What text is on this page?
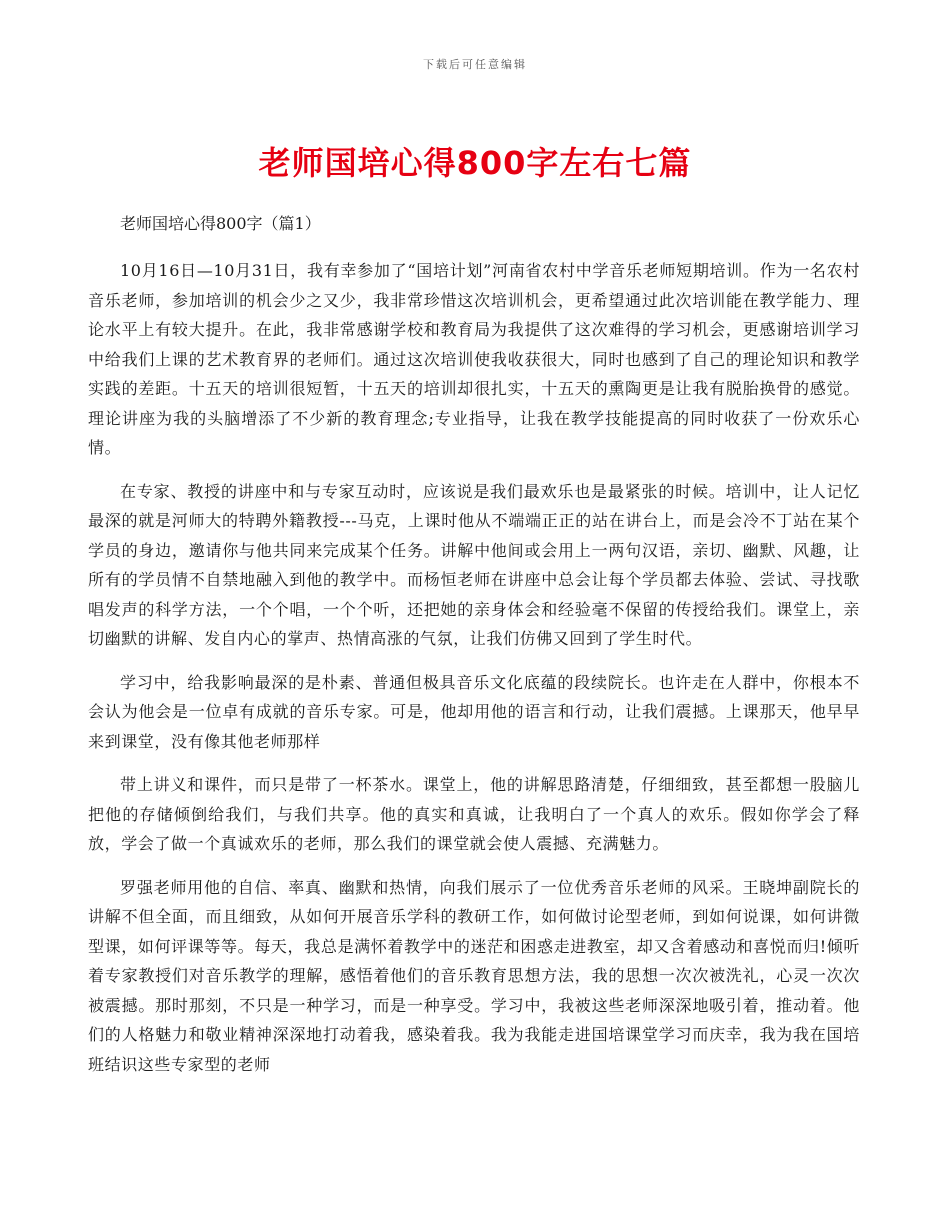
下载后可任意编辑
老师国培心得800字左右七篇

老师国培心得800字（篇1）

10月16日—10月31日，我有幸参加了“国培计划”河南省农村中学音乐老师短期培训。作为一名农村音乐老师，参加培训的机会少之又少，我非常珍惜这次培训机会，更希望通过此次培训能在教学能力、理论水平上有较大提升。在此，我非常感谢学校和教育局为我提供了这次难得的学习机会，更感谢培训学习中给我们上课的艺术教育界的老师们。通过这次培训使我收获很大，同时也感到了自己的理论知识和教学实践的差距。十五天的培训很短暂，十五天的培训却很扎实，十五天的熏陶更是让我有脱胎换骨的感觉。理论讲座为我的头脑增添了不少新的教育理念;专业指导，让我在教学技能提高的同时收获了一份欢乐心情。

在专家、教授的讲座中和与专家互动时，应该说是我们最欢乐也是最紧张的时候。培训中，让人记忆最深的就是河师大的特聘外籍教授---马克，上课时他从不端端正正的站在讲台上，而是会冷不丁站在某个学员的身边，邀请你与他共同来完成某个任务。讲解中他间或会用上一两句汉语，亲切、幽默、风趣，让所有的学员情不自禁地融入到他的教学中。而杨恒老师在讲座中总会让每个学员都去体验、尝试、寻找歌唱发声的科学方法，一个个唱，一个个听，还把她的亲身体会和经验毫不保留的传授给我们。课堂上，亲切幽默的讲解、发自内心的掌声、热情高涨的气氛，让我们仿佛又回到了学生时代。

学习中，给我影响最深的是朴素、普通但极具音乐文化底蕴的段续院长。也许走在人群中，你根本不会认为他会是一位卓有成就的音乐专家。可是，他却用他的语言和行动，让我们震撼。上课那天，他早早来到课堂，没有像其他老师那样

带上讲义和课件，而只是带了一杯茶水。课堂上，他的讲解思路清楚，仔细细致，甚至都想一股脑儿把他的存储倾倒给我们，与我们共享。他的真实和真诚，让我明白了一个真人的欢乐。假如你学会了释放，学会了做一个真诚欢乐的老师，那么我们的课堂就会使人震撼、充满魅力。

罗强老师用他的自信、率真、幽默和热情，向我们展示了一位优秀音乐老师的风采。王晓坤副院长的讲解不但全面，而且细致，从如何开展音乐学科的教研工作，如何做讨论型老师，到如何说课，如何讲微型课，如何评课等等。每天，我总是满怀着教学中的迷茫和困惑走进教室，却又含着感动和喜悦而归!倾听着专家教授们对音乐教学的理解，感悟着他们的音乐教育思想方法，我的思想一次次被洗礼，心灵一次次被震撼。那时那刻，不只是一种学习，而是一种享受。学习中，我被这些老师深深地吸引着，推动着。他们的人格魅力和敬业精神深深地打动着我，感染着我。我为我能走进国培课堂学习而庆幸，我为我在国培班结识这些专家型的老师
